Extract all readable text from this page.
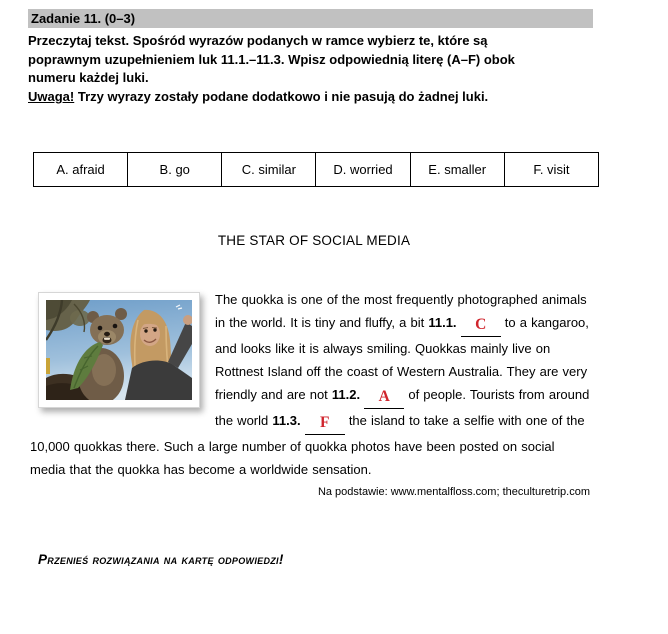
Zadanie 11. (0–3)
Przeczytaj tekst. Spośród wyrazów podanych w ramce wybierz te, które są
poprawnym uzupełnieniem luk 11.1.–11.3. Wpisz odpowiednią literę (A–F) obok
numeru każdej luki.
Uwaga! Trzy wyrazy zostały podane dodatkowo i nie pasują do żadnej luki.
A. afraid	B. go	C. similar	D. worried	E. smaller	F. visit
THE STAR OF SOCIAL MEDIA
The quokka is one of the most frequently photographed animals in the world. It is tiny and fluffy, a bit 11.1. C to a kangaroo, and looks like it is always smiling. Quokkas mainly live on Rottnest Island off the coast of Western Australia. They are very friendly and are not 11.2. A of people. Tourists from around the world 11.3. F the island to take a selfie with one of the 10,000 quokkas there. Such a large number of quokka photos have been posted on social media that the quokka has become a worldwide sensation.
Na podstawie: www.mentalfloss.com; theculturetrip.com
Przenieś rozwiązania na kartę odpowiedzi!
